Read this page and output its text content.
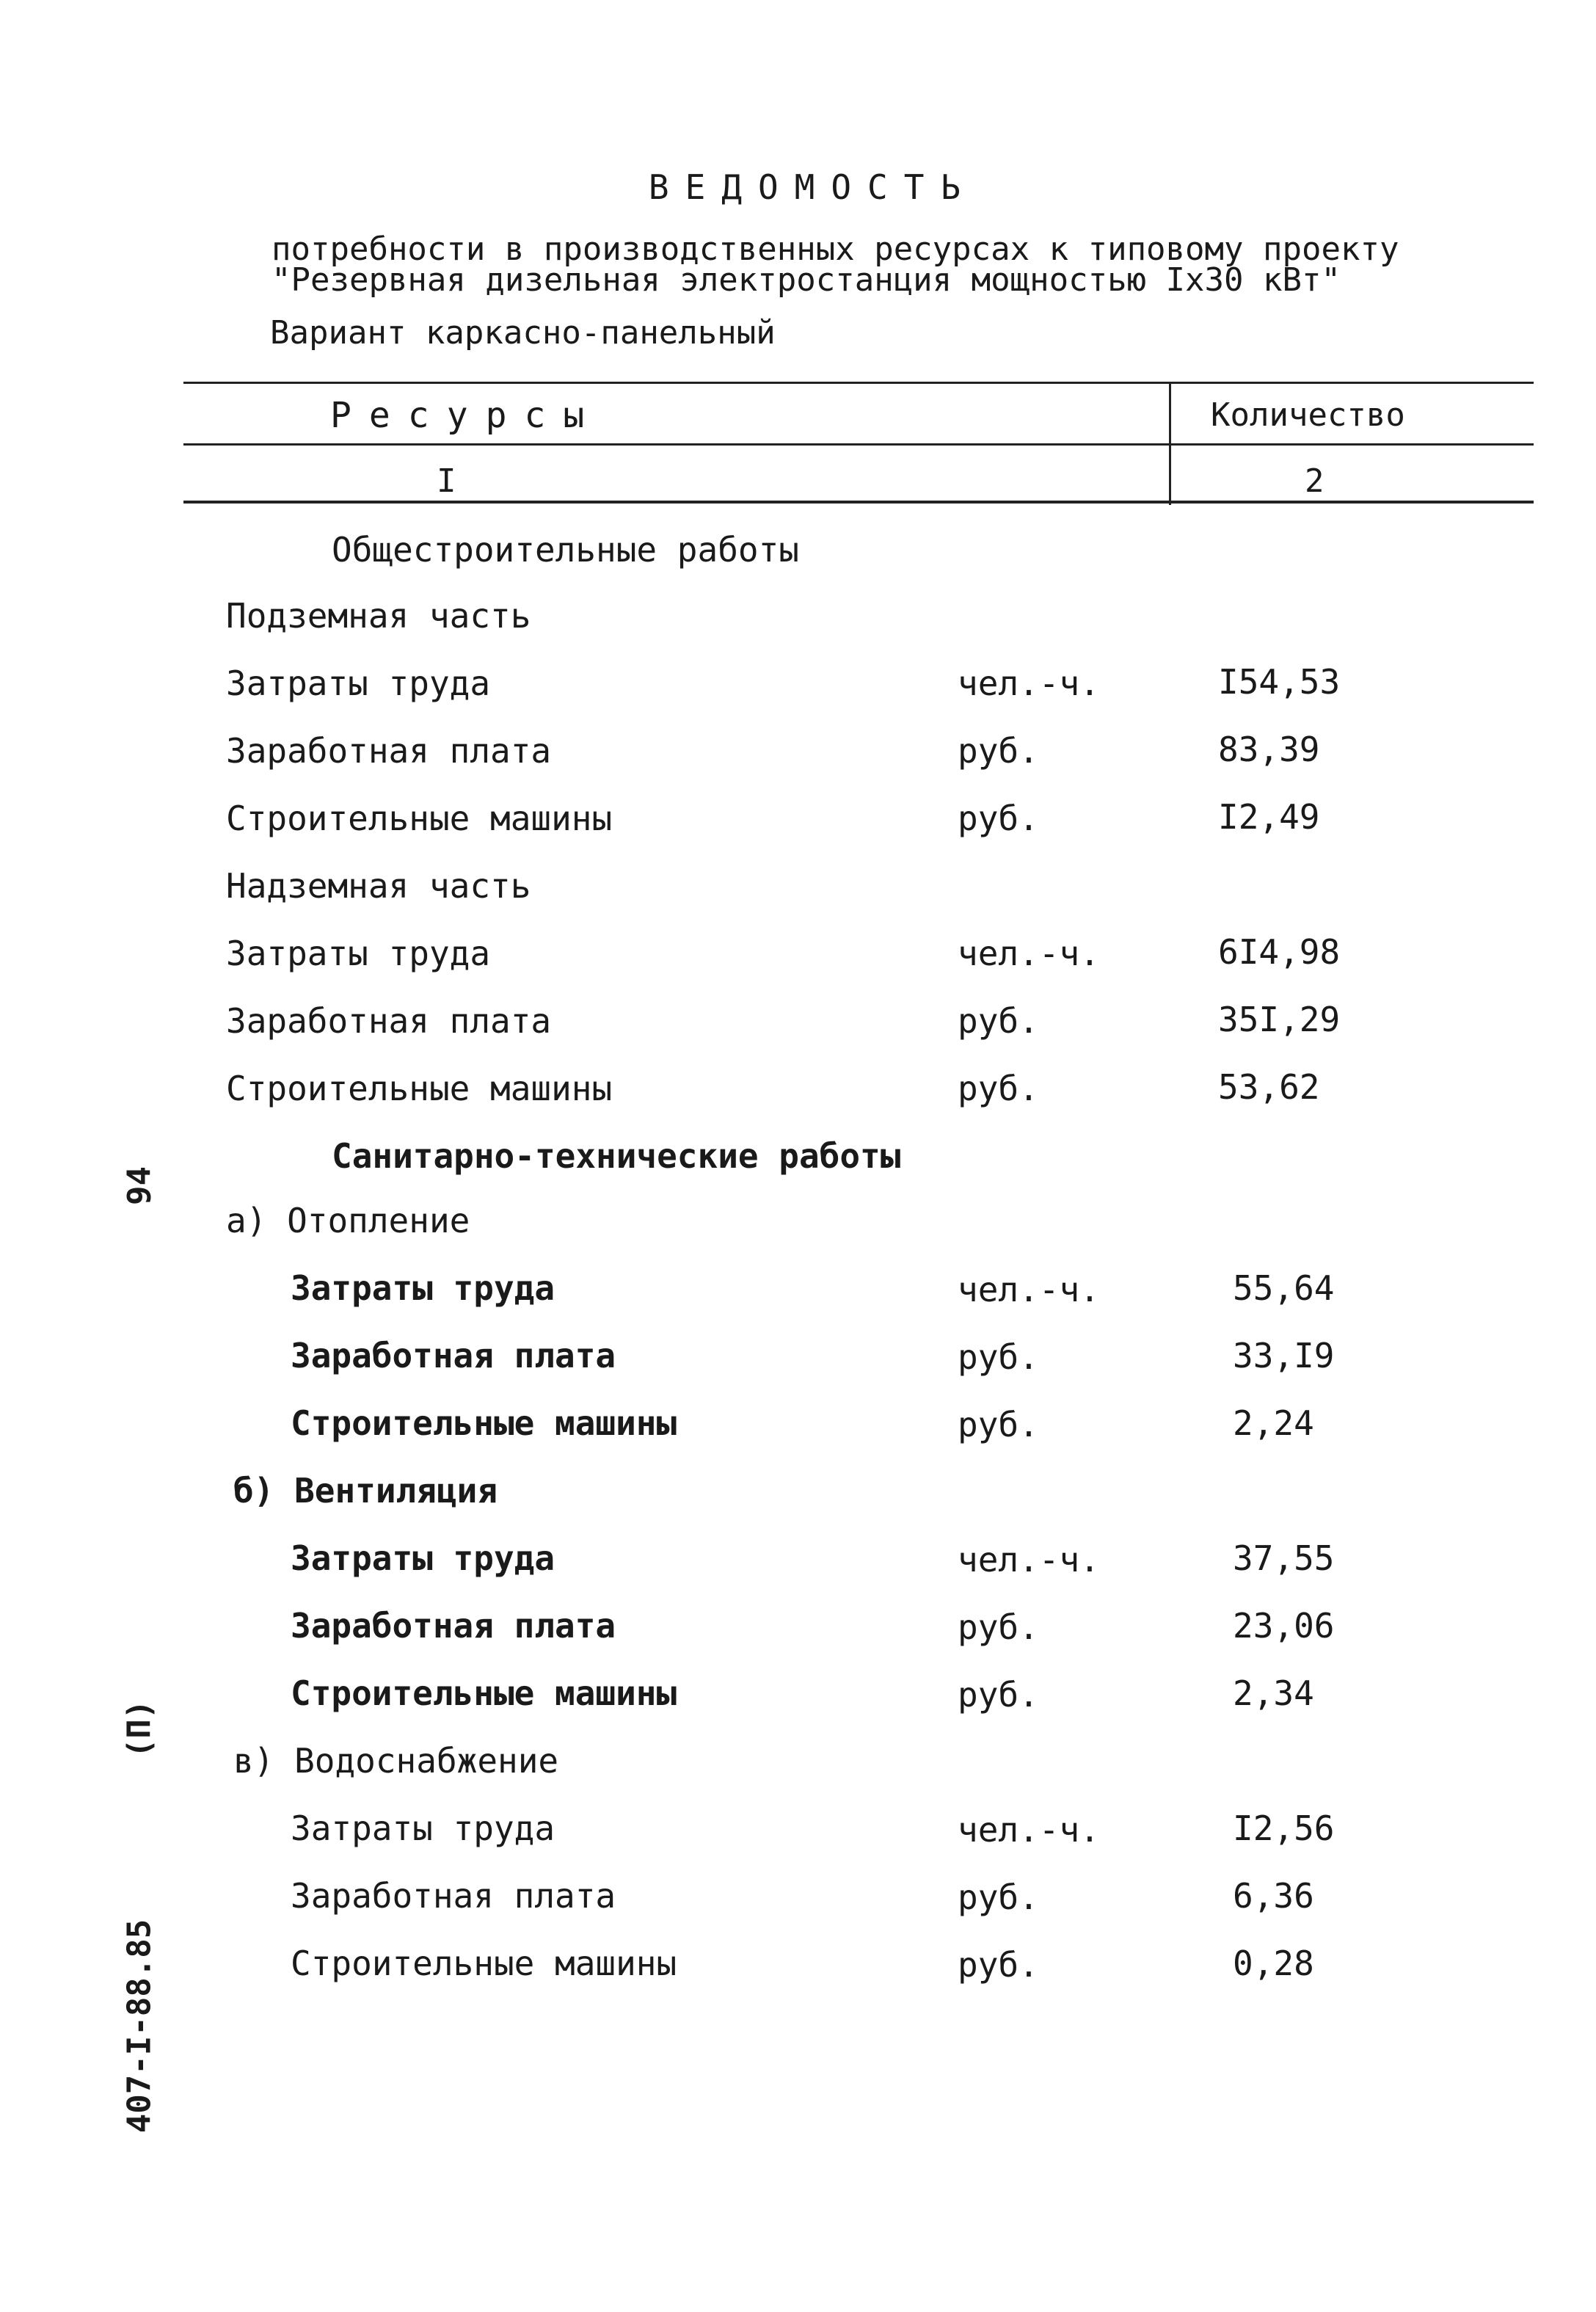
ВЕДОМОСТЬ
потребности в производственных ресурсах к типовому проекту
"Резервная дизельная электростанция мощностью Iх30 кВт"
Вариант каркасно-панельный
Ресурсы	Количество
I	2
Общестроительные работы
Подземная часть
Затраты труда	чел.-ч.	I54,53
Заработная плата	руб.	83,39
Строительные машины	руб.	I2,49
Надземная часть
Затраты труда	чел.-ч.	6I4,98
Заработная плата	руб.	35I,29
Строительные машины	руб.	53,62
Санитарно-технические работы
а) Отопление
Затраты труда	чел.-ч.	55,64
Заработная плата	руб.	33,I9
Строительные машины	руб.	2,24
б) Вентиляция
Затраты труда	чел.-ч.	37,55
Заработная плата	руб.	23,06
Строительные машины	руб.	2,34
в) Водоснабжение
Затраты труда	чел.-ч.	I2,56
Заработная плата	руб.	6,36
Строительные машины	руб.	0,28
94
(П)
407-I-88.85
